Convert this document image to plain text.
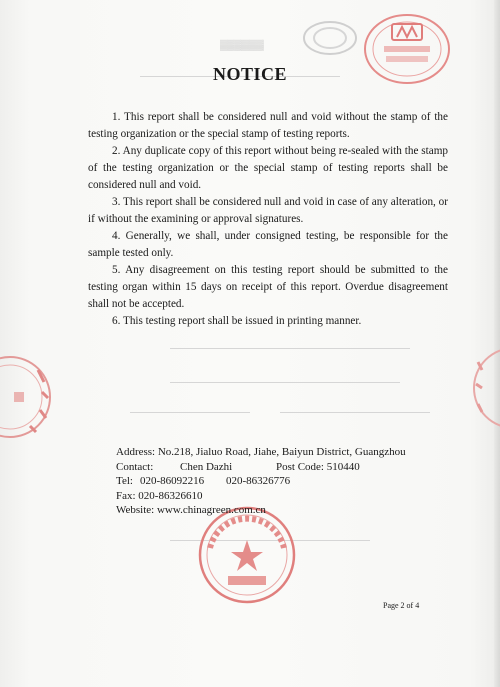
▓▓▓▓▓▓
NOTICE

1. This report shall be considered null and void without the stamp of the testing organization or the special stamp of testing reports.

2. Any duplicate copy of this report without being re-sealed with the stamp of the testing organization or the special stamp of testing reports shall be considered null and void.

3. This report shall be considered null and void in case of any alteration, or if without the examining or approval signatures.

4. Generally, we shall, under consigned testing, be responsible for the sample tested only.

5. Any disagreement on this testing report should be submitted to the testing organ within 15 days on receipt of this report. Overdue disagreement shall not be accepted.

6. This testing report shall be issued in printing manner.

Address: No.218, Jialuo Road, Jiahe, Baiyun District, Guangzhou
Contact:	Chen Dazhi	Post Code: 510440
Tel: 020-86092216	020-86326776
Fax: 020-86326610
Website: www.chinagreen.com.cn
Page 2 of 4
